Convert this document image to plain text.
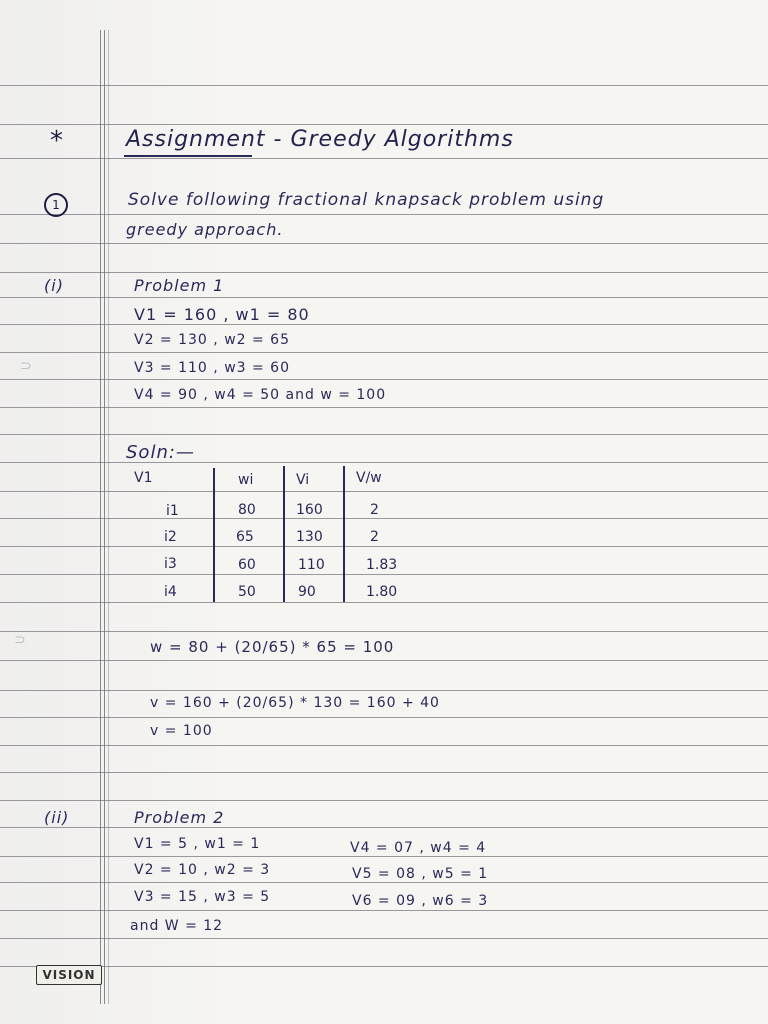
*	Assignment - Greedy Algorithms
1	Solve following fractional knapsack problem using
greedy approach.
(i)	Problem 1
V1 = 160 , w1 = 80
V2 = 130 , w2 = 65
V3 = 110 , w3 = 60
V4 = 90 , w4 = 50 and w = 100
⊃
⊃
Soln:—
V1	wi	Vi	V/w
i1	80	160	2
i2	65	130	2
i3	60	110	1.83
i4	50	90	1.80
w = 80 + (20/65) * 65 = 100
v = 160 + (20/65) * 130 = 160 + 40
v = 100
(ii)	Problem 2
V1 = 5 , w1 = 1
V2 = 10 , w2 = 3
V3 = 15 , w3 = 5
and W = 12
V4 = 07 , w4 = 4
V5 = 08 , w5 = 1
V6 = 09 , w6 = 3
VISION
